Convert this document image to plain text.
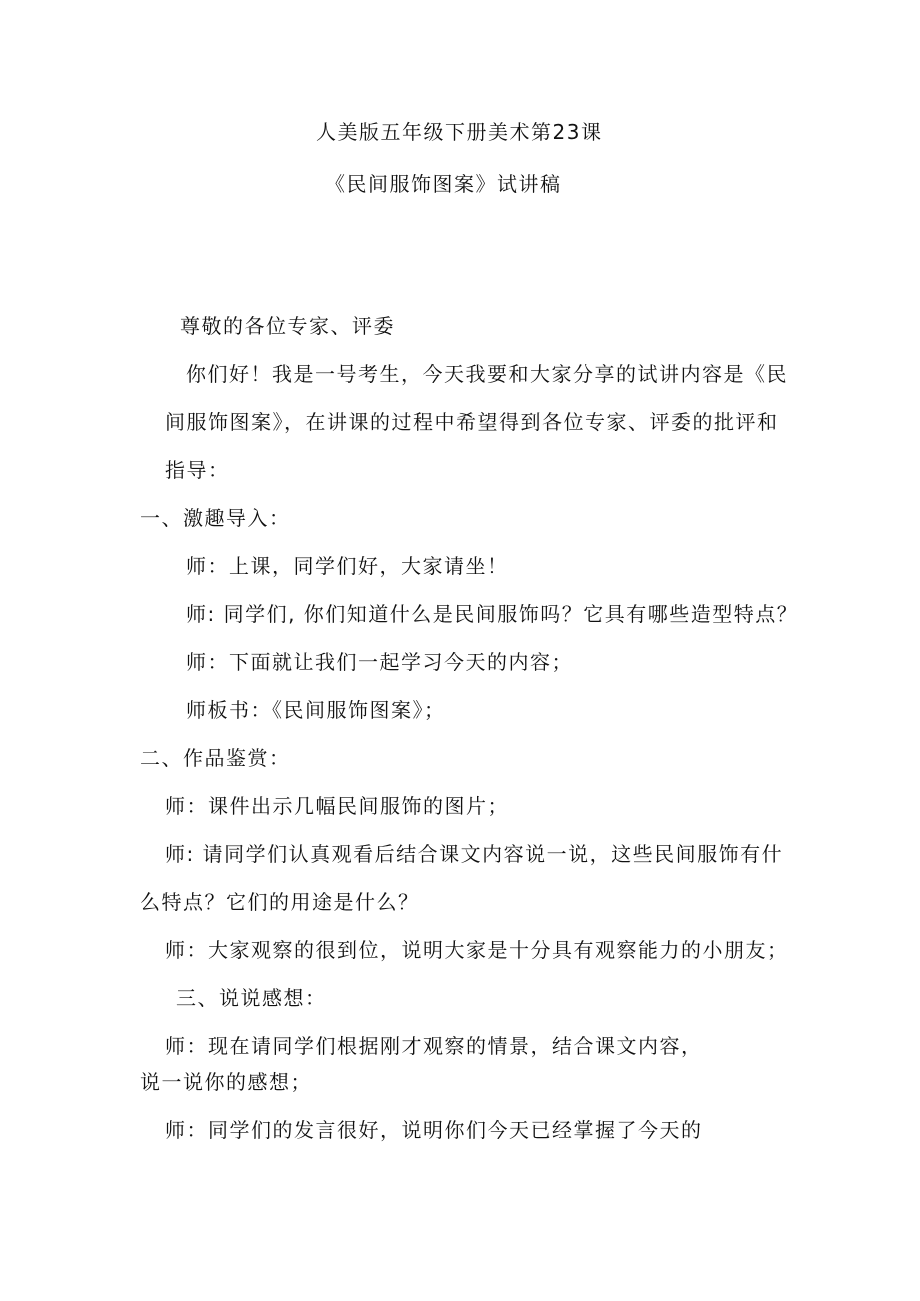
人美版五年级下册美术第23课
《民间服饰图案》试讲稿
尊敬的各位专家、评委
你们好！我是一号考生，今天我要和大家分享的试讲内容是《民
间服饰图案》，在讲课的过程中希望得到各位专家、评委的批评和
指导：
一、激趣导入：
师：上课，同学们好，大家请坐！
师: 同学们, 你们知道什么是民间服饰吗？它具有哪些造型特点？
师：下面就让我们一起学习今天的内容；
师板书：《民间服饰图案》；
二、作品鉴赏：
师：课件出示几幅民间服饰的图片；
师: 请同学们认真观看后结合课文内容说一说，这些民间服饰有什
么特点？它们的用途是什么？
师：大家观察的很到位，说明大家是十分具有观察能力的小朋友；
三、说说感想：
师：现在请同学们根据刚才观察的情景，结合课文内容，
说一说你的感想；
师：同学们的发言很好，说明你们今天已经掌握了今天的
